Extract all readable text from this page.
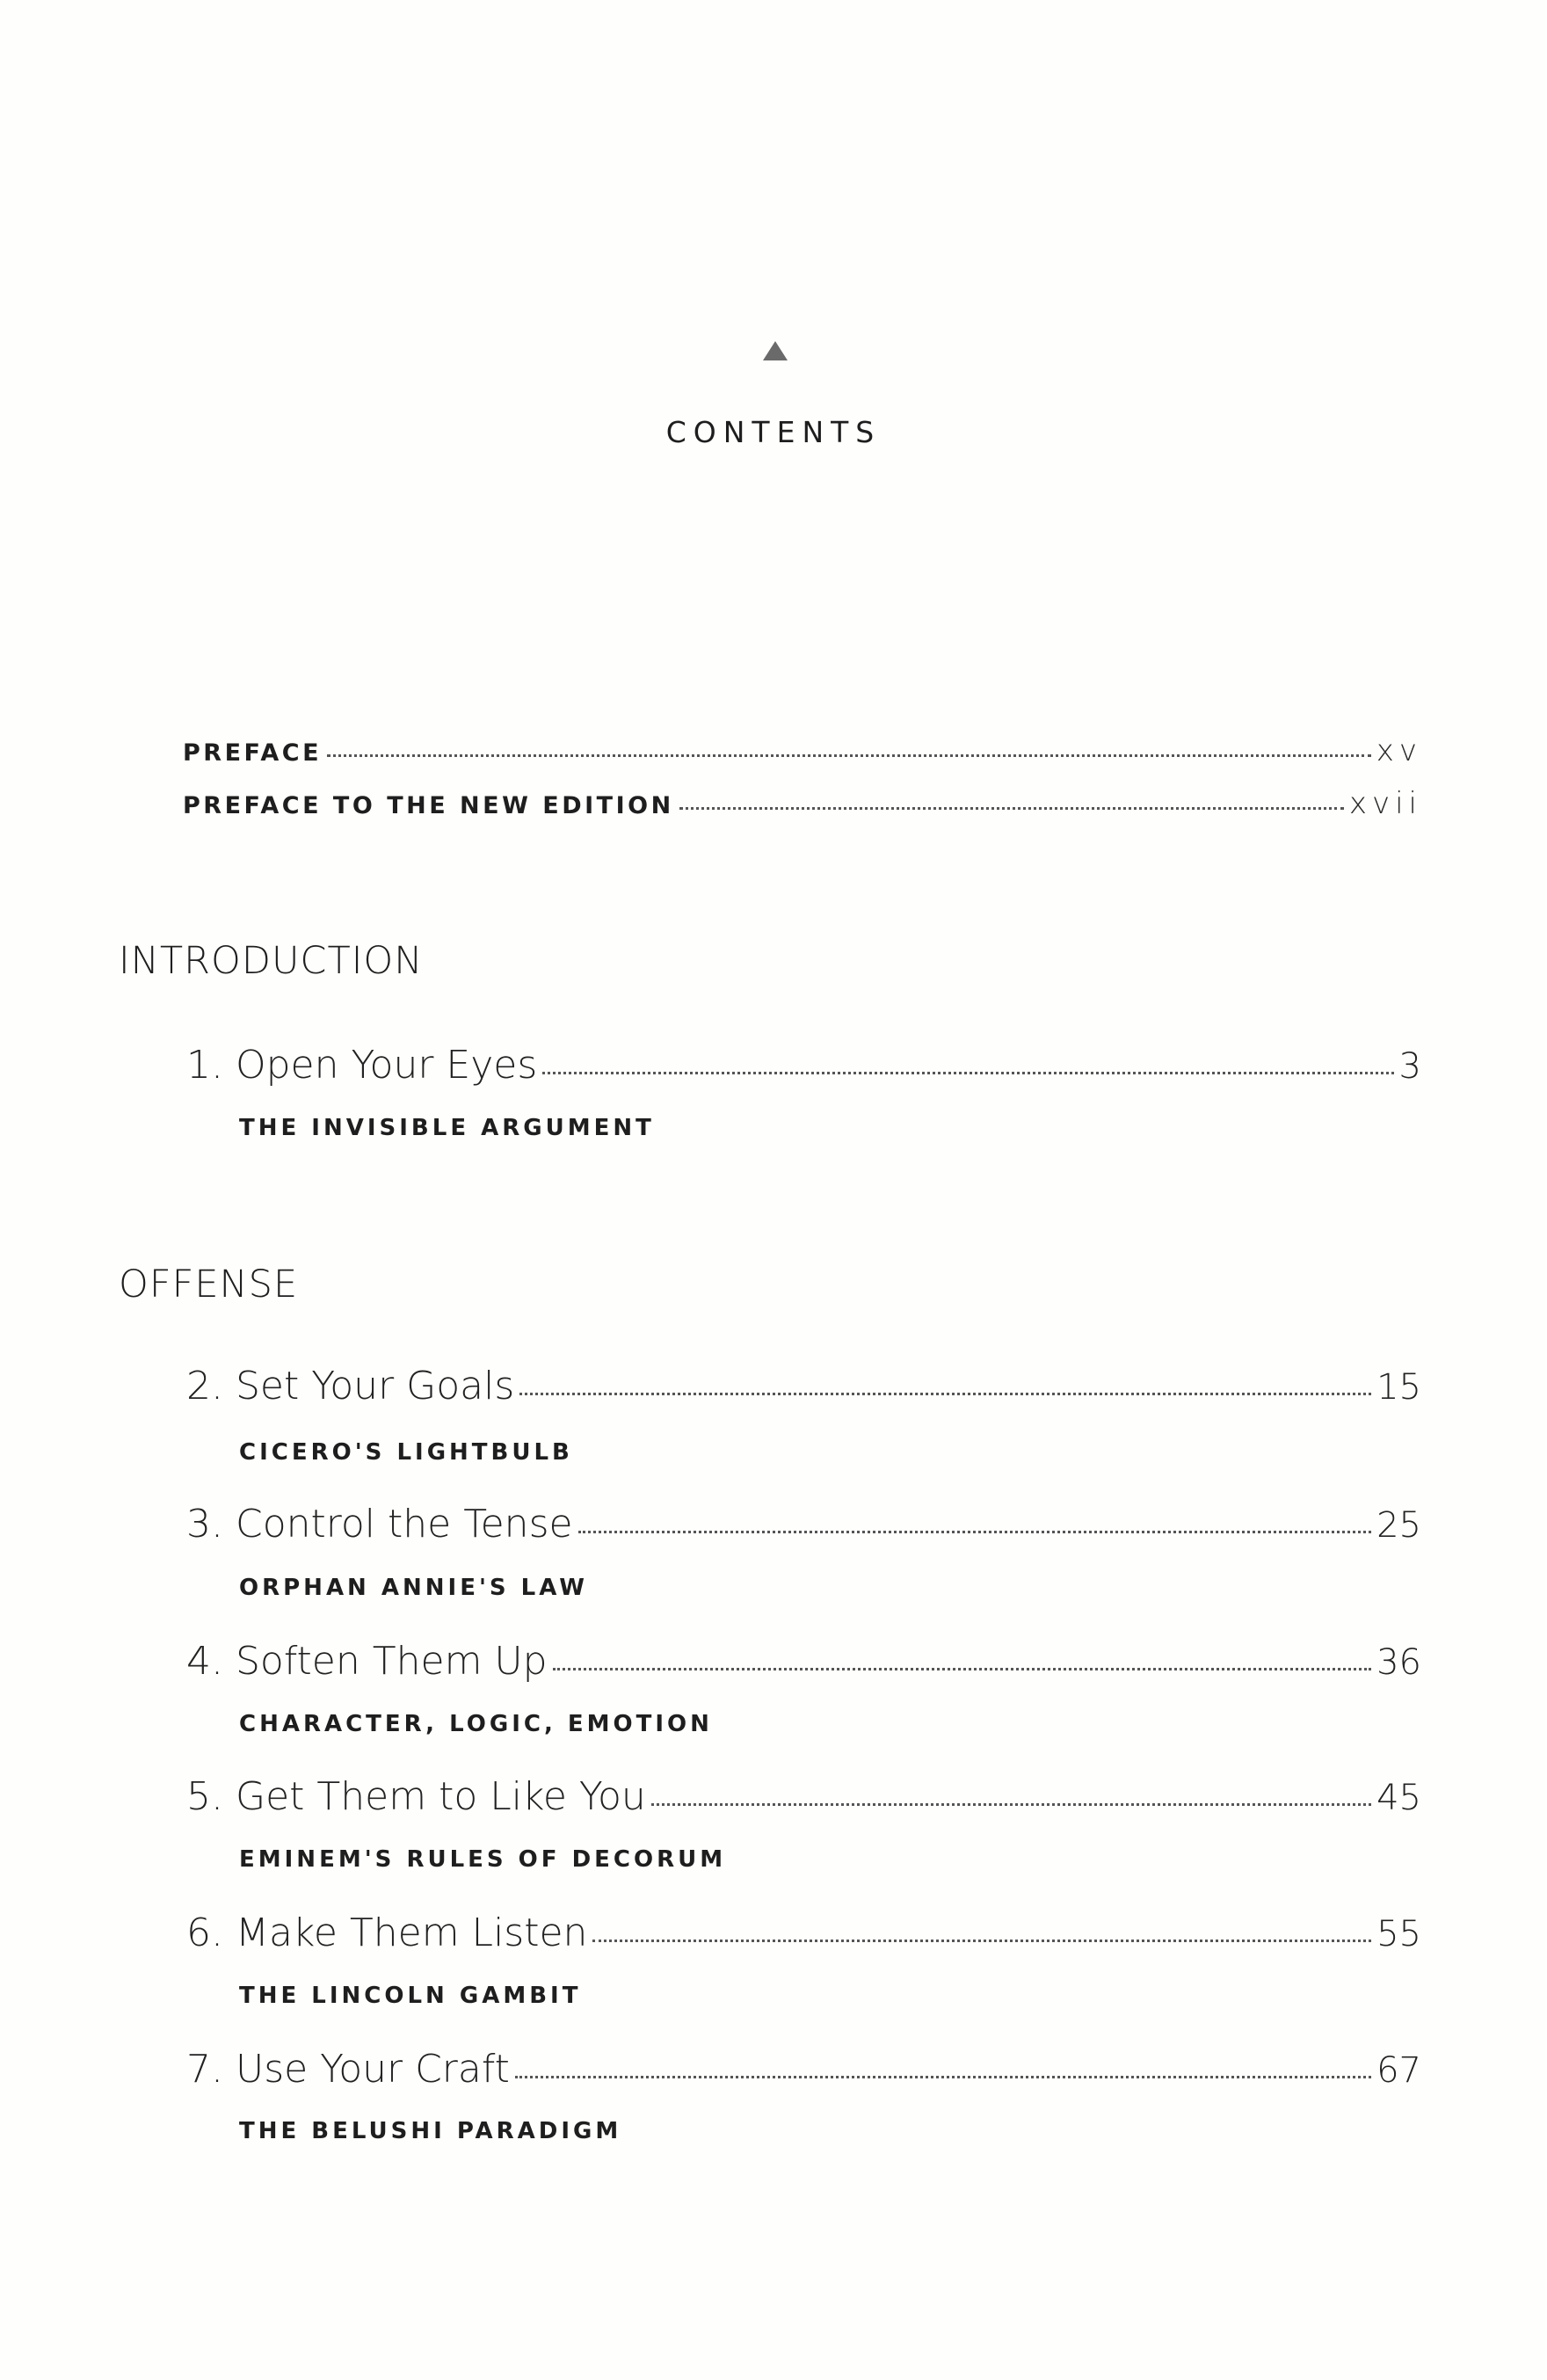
CONTENTS
PREFACE	xv
PREFACE TO THE NEW EDITION	xvii
INTRODUCTION
1. Open Your Eyes	3
THE INVISIBLE ARGUMENT
OFFENSE
2. Set Your Goals	15
CICERO'S LIGHTBULB
3. Control the Tense	25
ORPHAN ANNIE'S LAW
4. Soften Them Up	36
CHARACTER, LOGIC, EMOTION
5. Get Them to Like You	45
EMINEM'S RULES OF DECORUM
6. Make Them Listen	55
THE LINCOLN GAMBIT
7. Use Your Craft	67
THE BELUSHI PARADIGM
